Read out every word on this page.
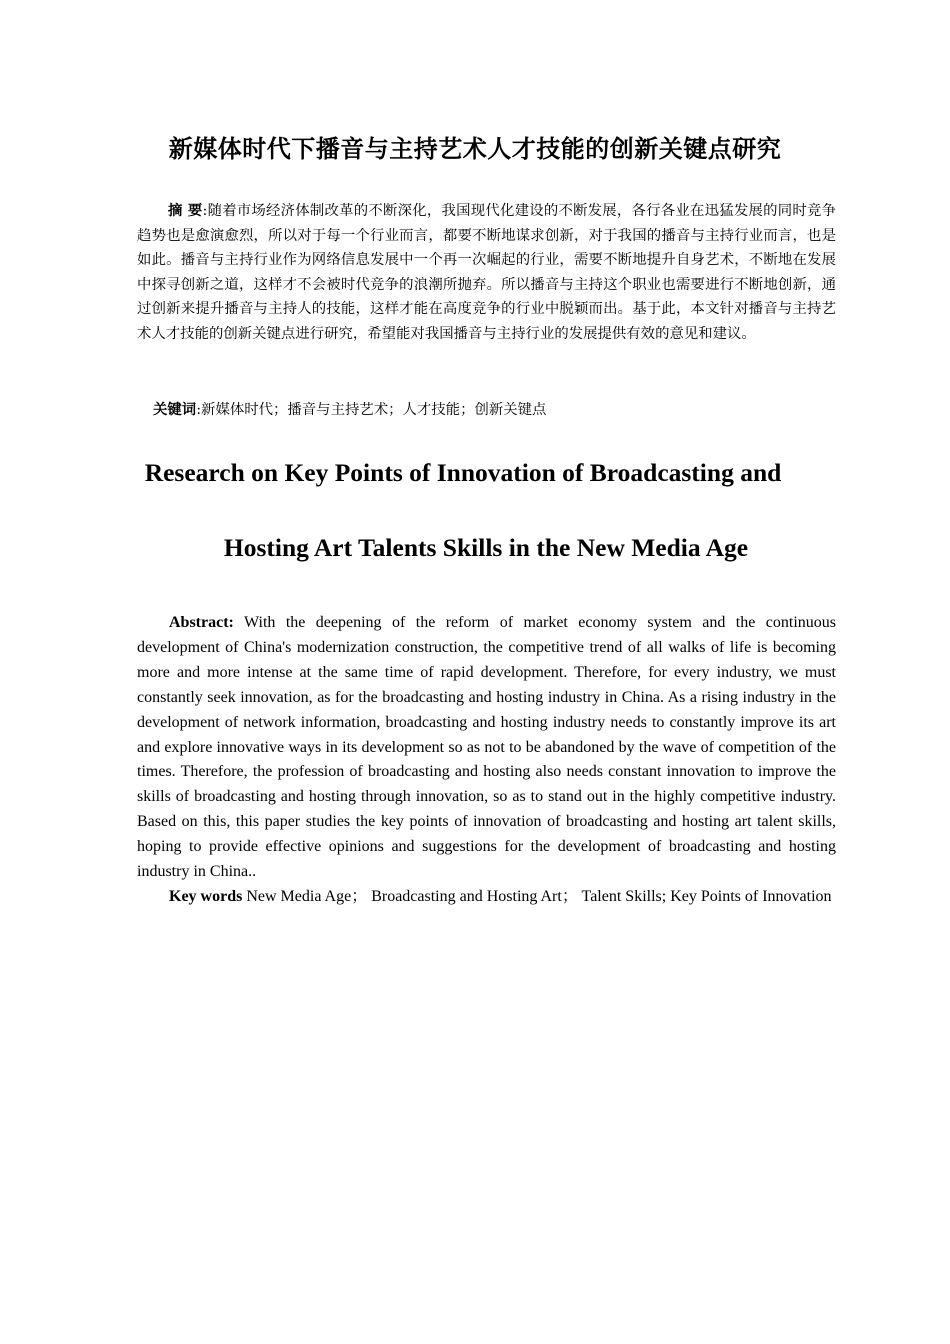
新媒体时代下播音与主持艺术人才技能的创新关键点研究

摘 要:随着市场经济体制改革的不断深化，我国现代化建设的不断发展，各行各业在迅猛发展的同时竞争趋势也是愈演愈烈，所以对于每一个行业而言，都要不断地谋求创新，对于我国的播音与主持行业而言，也是如此。播音与主持行业作为网络信息发展中一个再一次崛起的行业，需要不断地提升自身艺术，不断地在发展中探寻创新之道，这样才不会被时代竞争的浪潮所抛弃。所以播音与主持这个职业也需要进行不断地创新，通过创新来提升播音与主持人的技能，这样才能在高度竞争的行业中脱颖而出。基于此，本文针对播音与主持艺术人才技能的创新关键点进行研究，希望能对我国播音与主持行业的发展提供有效的意见和建议。

关键词:新媒体时代；播音与主持艺术；人才技能；创新关键点

Research on Key Points of Innovation of Broadcasting and
Hosting Art Talents Skills in the New Media Age

Abstract: With the deepening of the reform of market economy system and the continuous development of China's modernization construction, the competitive trend of all walks of life is becoming more and more intense at the same time of rapid development. Therefore, for every industry, we must constantly seek innovation, as for the broadcasting and hosting industry in China. As a rising industry in the development of network information, broadcasting and hosting industry needs to constantly improve its art and explore innovative ways in its development so as not to be abandoned by the wave of competition of the times. Therefore, the profession of broadcasting and hosting also needs constant innovation to improve the skills of broadcasting and hosting through innovation, so as to stand out in the highly competitive industry. Based on this, this paper studies the key points of innovation of broadcasting and hosting art talent skills, hoping to provide effective opinions and suggestions for the development of broadcasting and hosting industry in China..

Key words New Media Age； Broadcasting and Hosting Art； Talent Skills; Key Points of Innovation
